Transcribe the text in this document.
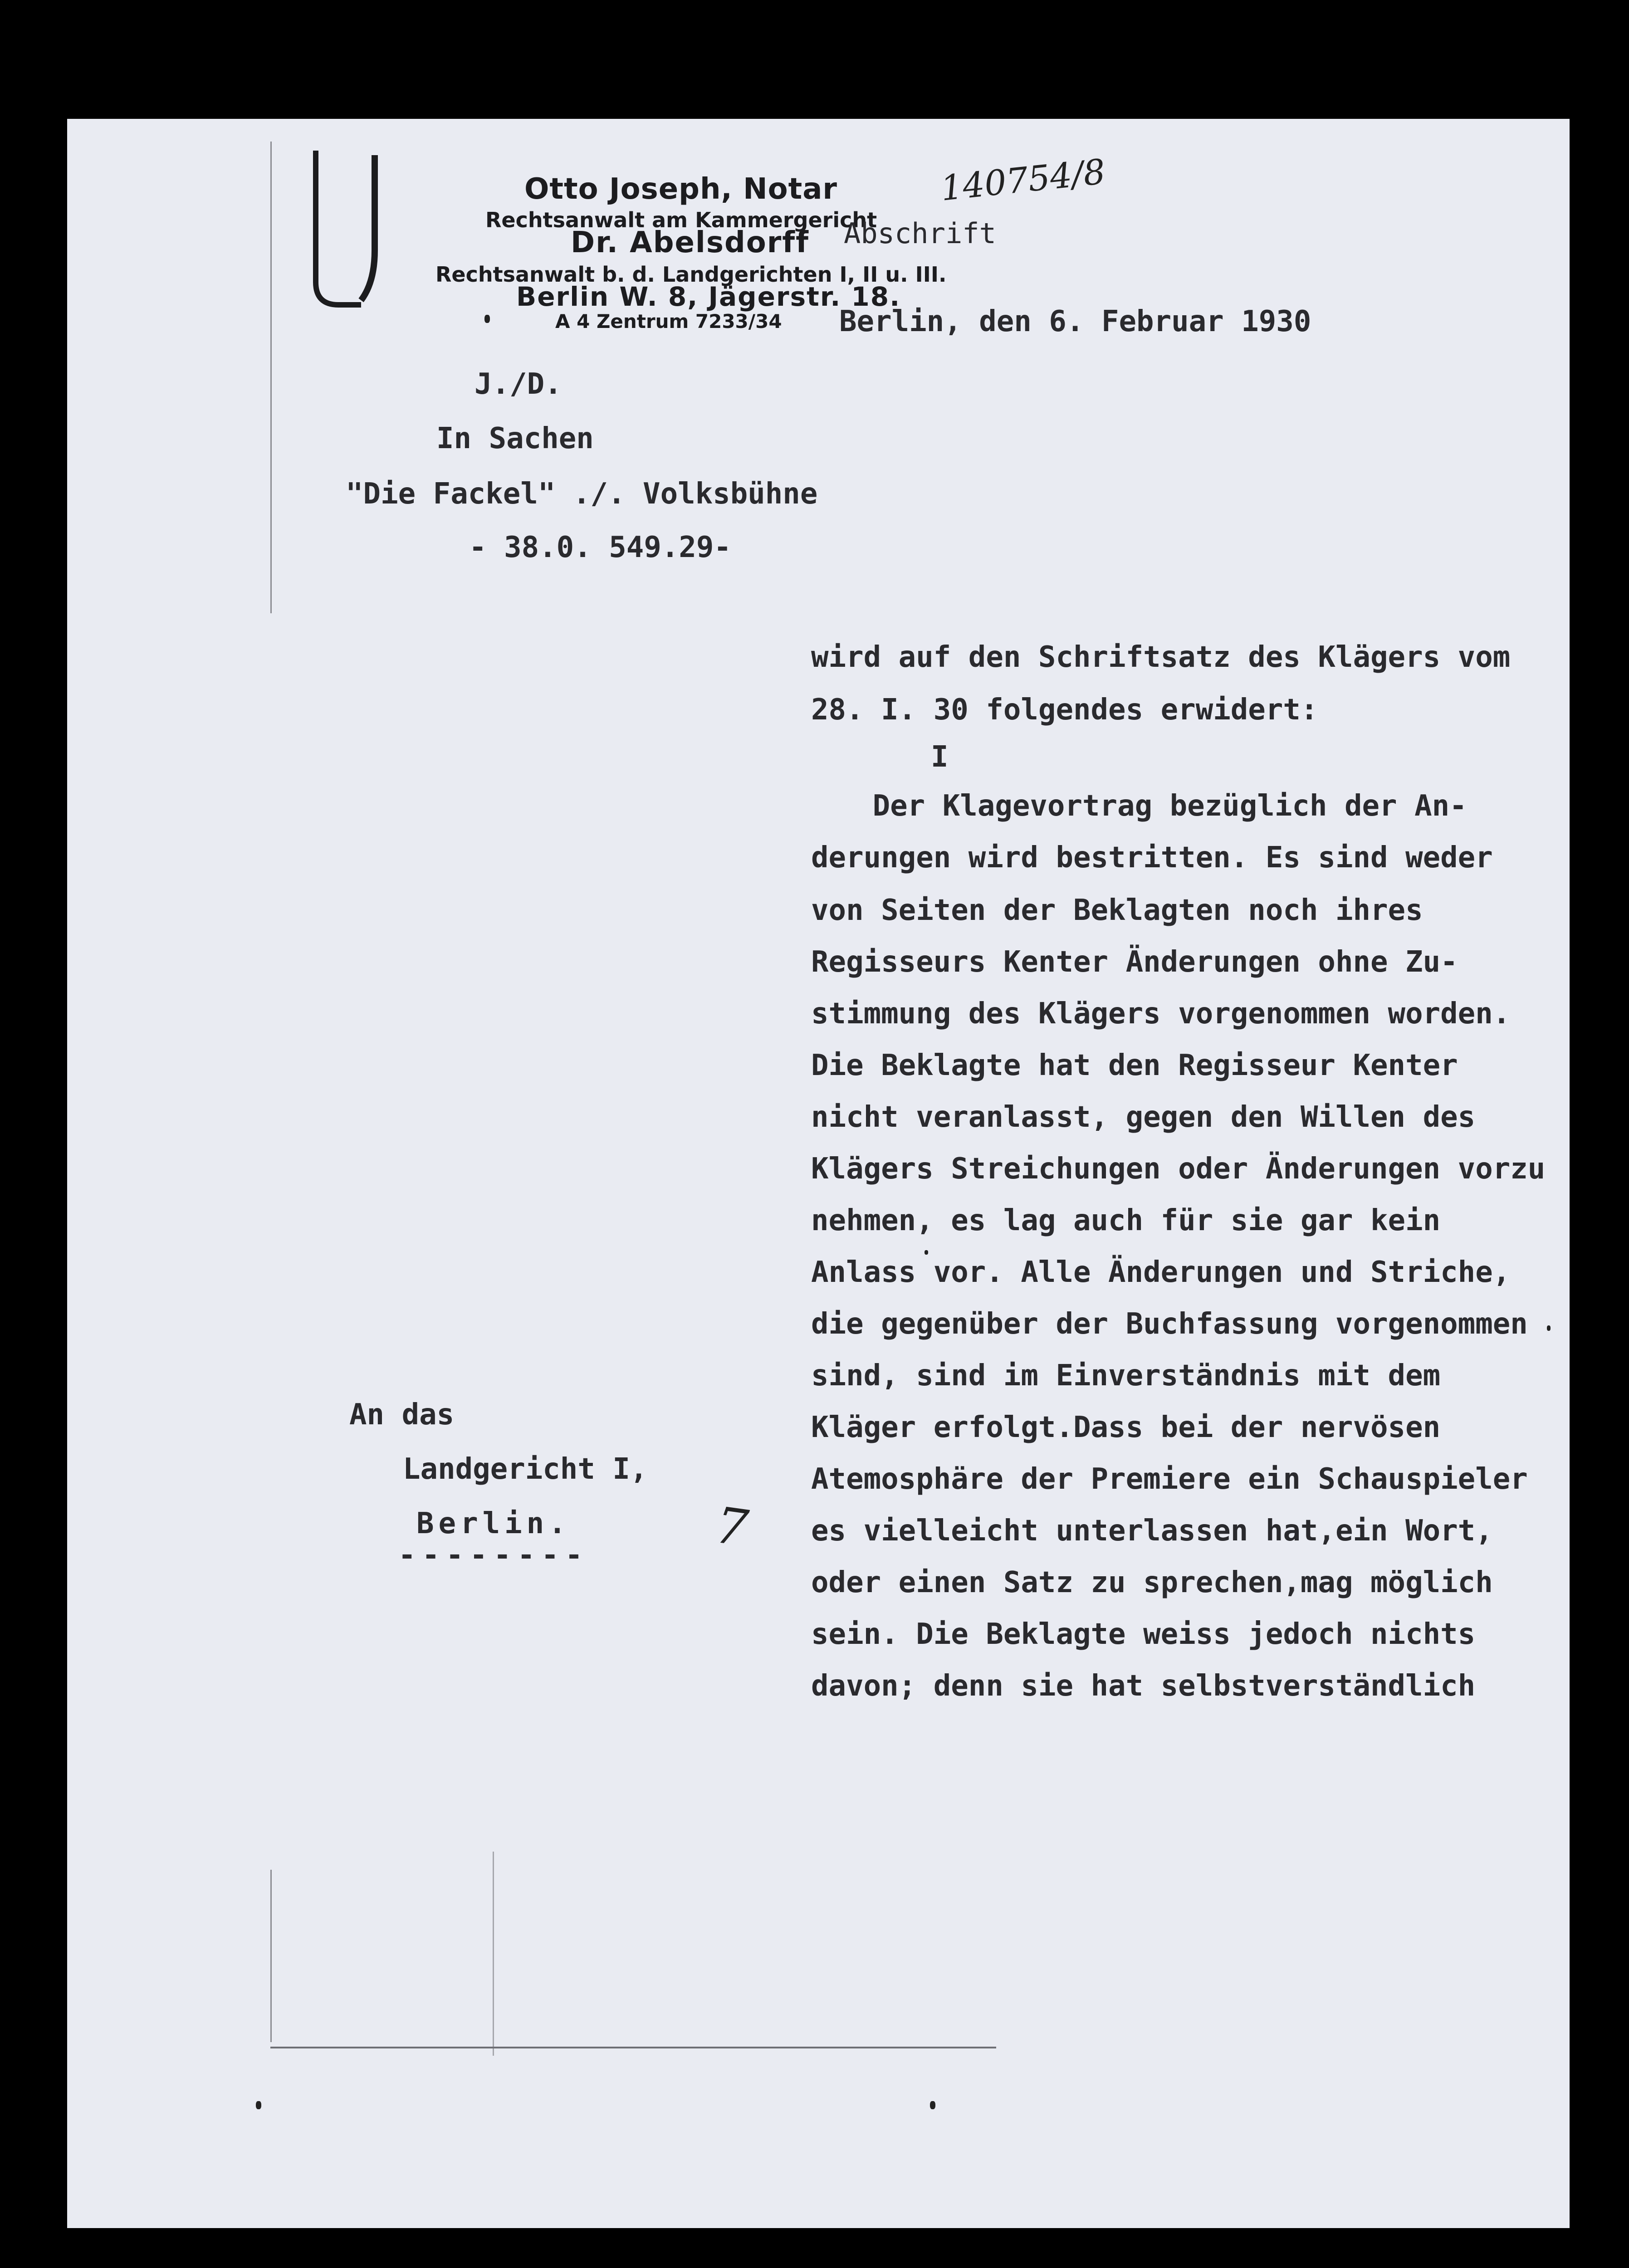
Otto Joseph, Notar
Rechtsanwalt am Kammergericht
Dr. Abelsdorff
Rechtsanwalt b. d. Landgerichten I, II u. III.
Berlin W. 8, Jägerstr. 18.
A 4 Zentrum 7233/34
140754/8
Abschrift
Berlin, den 6. Februar 1930
J./D.
In Sachen
"Die Fackel" ./. Volksbühne
- 38.0. 549.29-
wird auf den Schriftsatz des Klägers vom
28. I. 30 folgendes erwidert:
I
Der Klagevortrag bezüglich der An-
derungen wird bestritten. Es sind weder
von Seiten der Beklagten noch ihres
Regisseurs Kenter Änderungen ohne Zu-
stimmung des Klägers vorgenommen worden.
Die Beklagte hat den Regisseur Kenter
nicht veranlasst, gegen den Willen des
Klägers Streichungen oder Änderungen vorzu
nehmen, es lag auch für sie gar kein
Anlass vor. Alle Änderungen und Striche,
die gegenüber der Buchfassung vorgenommen
sind, sind im Einverständnis mit dem
Kläger erfolgt.Dass bei der nervösen
Atemosphäre der Premiere ein Schauspieler
es vielleicht unterlassen hat,ein Wort,
oder einen Satz zu sprechen,mag möglich
sein. Die Beklagte weiss jedoch nichts
davon; denn sie hat selbstverständlich
An das
Landgericht I,
Berlin.
-------- 7
